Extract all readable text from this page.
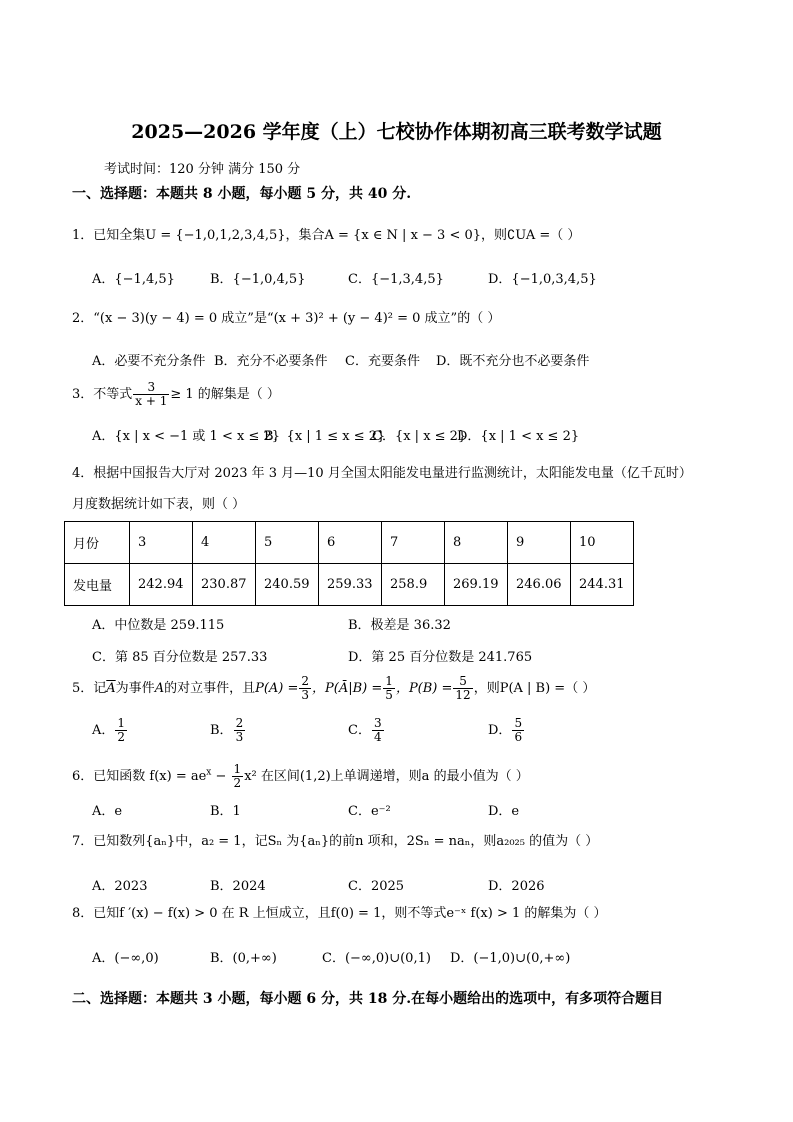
2025—2026 学年度（上）七校协作体期初高三联考数学试题
考试时间：120 分钟 满分 150 分
一、选择题：本题共 8 小题，每小题 5 分，共 40 分.
1．已知全集U = {−1,0,1,2,3,4,5}，集合A = {x ∈ N | x − 3 < 0}，则∁UA =（ ）
A．{−1,4,5}	B．{−1,0,4,5}	C．{−1,3,4,5}	D．{−1,0,3,4,5}
2．“(x − 3)(y − 4) = 0 成立”是“(x + 3)² + (y − 4)² = 0 成立”的（ ）
A．必要不充分条件 B．充分不必要条件 C．充要条件 D．既不充分也不必要条件
3．不等式 $\frac{3}{x + 1} \ge 1$ 的解集是（ ）
A．{x | x < −1 或 1 < x ≤ 2}
B．{x | 1 ≤ x ≤ 2}
C．{x | x ≤ 2}
D．{x | 1 < x ≤ 2}
4．根据中国报告大厅对 2023 年 3 月—10 月全国太阳能发电量进行监测统计，太阳能发电量（亿千瓦时）
月度数据统计如下表，则（ ）
月份	3	4	5	6	7	8	9	10
发电量	242.94	230.87	240.59	259.33	258.9	269.19	246.06	244.31
A．中位数是 259.115	B．极差是 36.32
C．第 85 百分位数是 257.33	D．第 25 百分位数是 241.765
5．记$\overline{A}$为事件A的对立事件，且$P(A) = \frac{2}{3}$ ，P(Ā|B) = $\frac{1}{5}$ ，$P(B) = \frac{5}{12}$ ，则P(A | B) =（ ）
A． $\frac{1}{2}$	B． $\frac{2}{3}$	C． $\frac{3}{4}$	D． $\frac{5}{6}$
6．已知函数 $f(x) = ae^x - \frac{1}{2} x^2$ 在区间(1,2)上单调递增，则a 的最小值为（ ）
A．e	B．1	C．e⁻²	D．e
7．已知数列{aₙ}中，a₂ = 1，记Sₙ 为{aₙ}的前n 项和，2Sₙ = naₙ，则a₂₀₂₅ 的值为（ ）
A．2023	B．2024	C．2025	D．2026
8．已知f ′(x) − f(x) > 0 在 R 上恒成立，且f(0) = 1，则不等式e⁻ˣ f(x) > 1 的解集为（ ）
A．(−∞,0)	B．(0,+∞)	C．(−∞,0)∪(0,1) D．(−1,0)∪(0,+∞)
二、选择题：本题共 3 小题，每小题 6 分，共 18 分.在每小题给出的选项中，有多项符合题目
